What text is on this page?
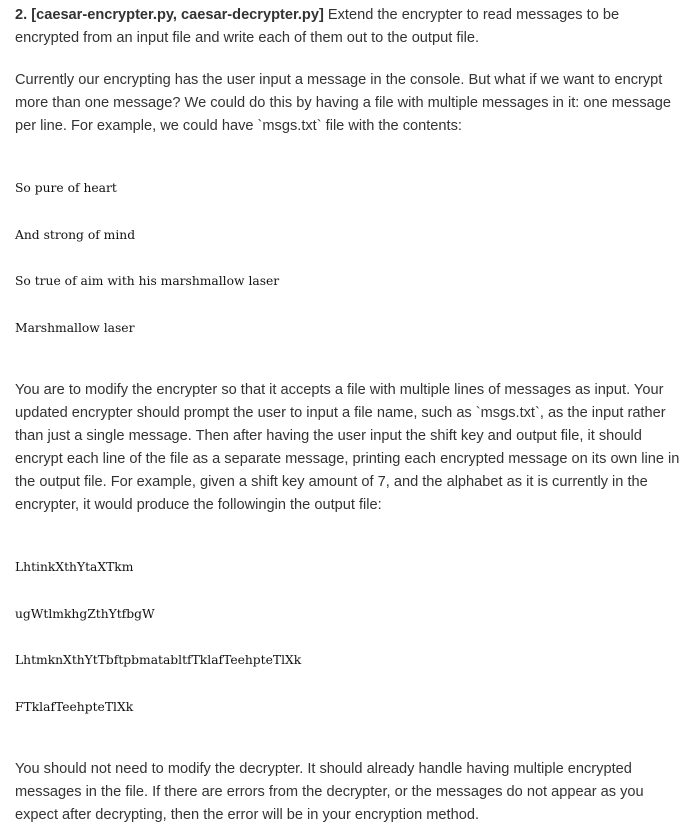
2. [caesar-encrypter.py, caesar-decrypter.py] Extend the encrypter to read messages to be encrypted from an input file and write each of them out to the output file.

Currently our encrypting has the user input a message in the console. But what if we want to encrypt more than one message? We could do this by having a file with multiple messages in it: one message per line. For example, we could have `msgs.txt` file with the contents:

So pure of heart

And strong of mind

So true of aim with his marshmallow laser

Marshmallow laser

You are to modify the encrypter so that it accepts a file with multiple lines of messages as input. Your updated encrypter should prompt the user to input a file name, such as `msgs.txt`, as the input rather than just a single message. Then after having the user input the shift key and output file, it should encrypt each line of the file as a separate message, printing each encrypted message on its own line in the output file. For example, given a shift key amount of 7, and the alphabet as it is currently in the encrypter, it would produce the followingin the output file:

LhtinkXthYtaXTkm

ugWtlmkhgZthYtfbgW

LhtmknXthYtTbftpbmatabltfTklafTeehpteTlXk

FTklafTeehpteTlXk

You should not need to modify the decrypter. It should already handle having multiple encrypted messages in the file. If there are errors from the decrypter, or the messages do not appear as you expect after decrypting, then the error will be in your encryption method.
